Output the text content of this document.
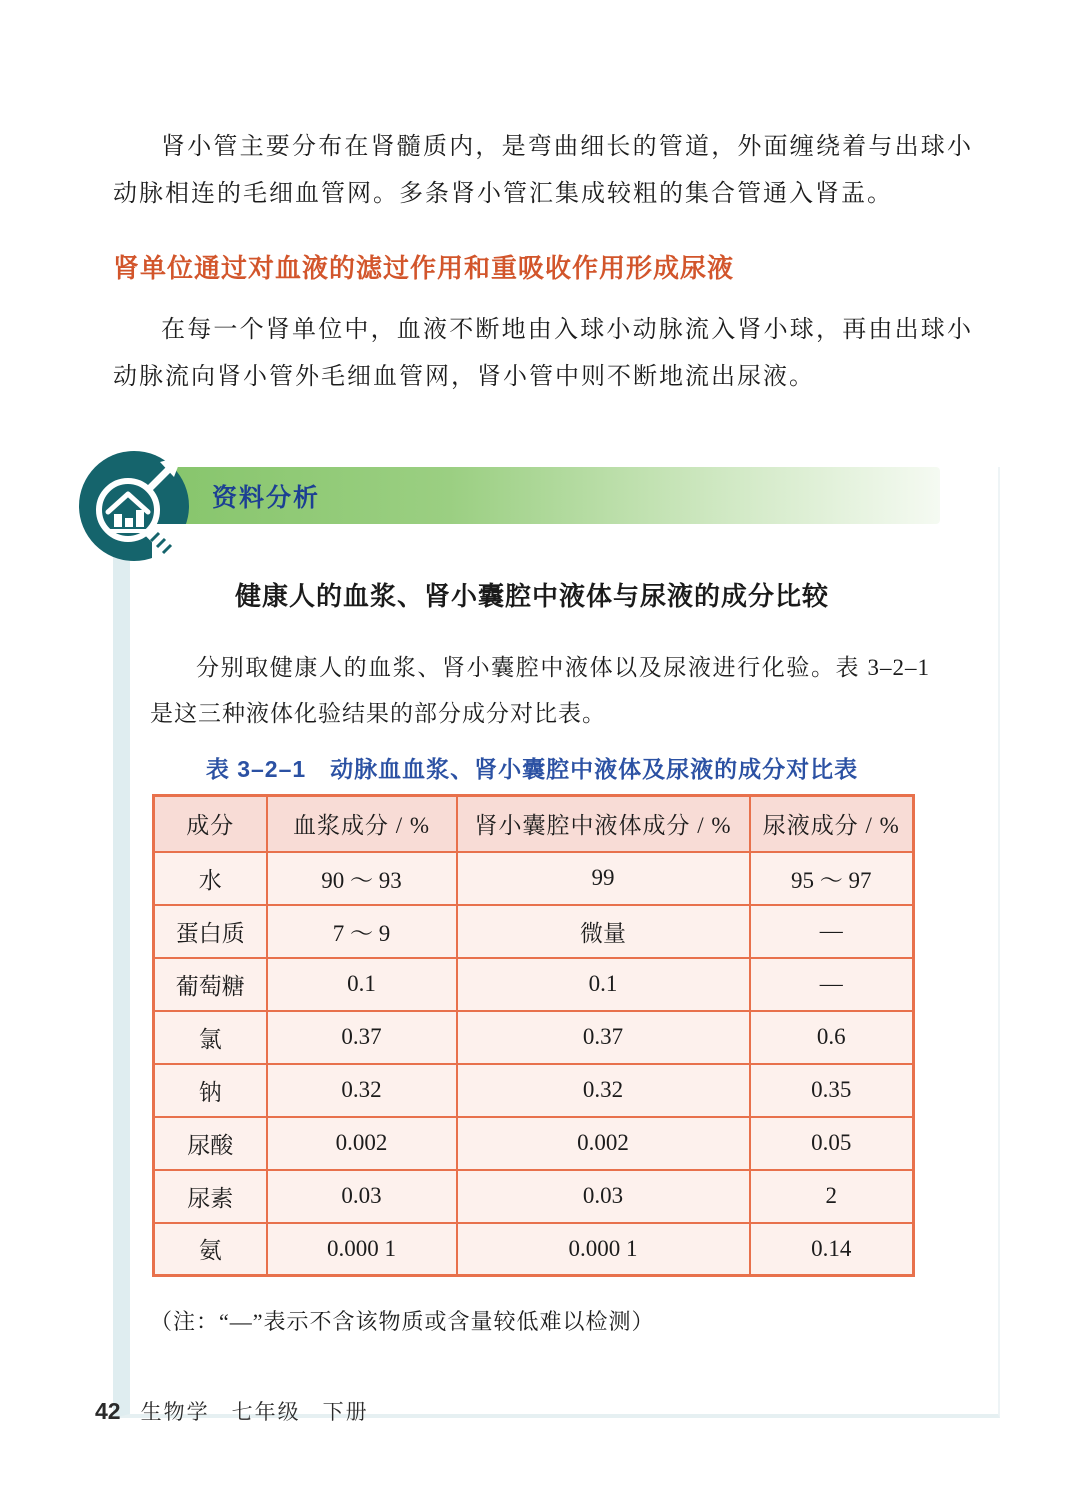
肾小管主要分布在肾髓质内，是弯曲细长的管道，外面缠绕着与出球小动脉相连的毛细血管网。多条肾小管汇集成较粗的集合管通入肾盂。

肾单位通过对血液的滤过作用和重吸收作用形成尿液

在每一个肾单位中，血液不断地由入球小动脉流入肾小球，再由出球小动脉流向肾小管外毛细血管网，肾小管中则不断地流出尿液。

资料分析
健康人的血浆、肾小囊腔中液体与尿液的成分比较

分别取健康人的血浆、肾小囊腔中液体以及尿液进行化验。表 3–2–1 是这三种液体化验结果的部分成分对比表。

表 3–2–1　动脉血血浆、肾小囊腔中液体及尿液的成分对比表
成分	血浆成分 / %	肾小囊腔中液体成分 / %	尿液成分 / %
水	90 ～ 93	99	95 ～ 97
蛋白质	7 ～ 9	微量	—
葡萄糖	0.1	0.1	—
氯	0.37	0.37	0.6
钠	0.32	0.32	0.35
尿酸	0.002	0.002	0.05
尿素	0.03	0.03	2
氨	0.000 1	0.000 1	0.14

（注：“—”表示不含该物质或含量较低难以检测）

42 生物学 七年级 下册
